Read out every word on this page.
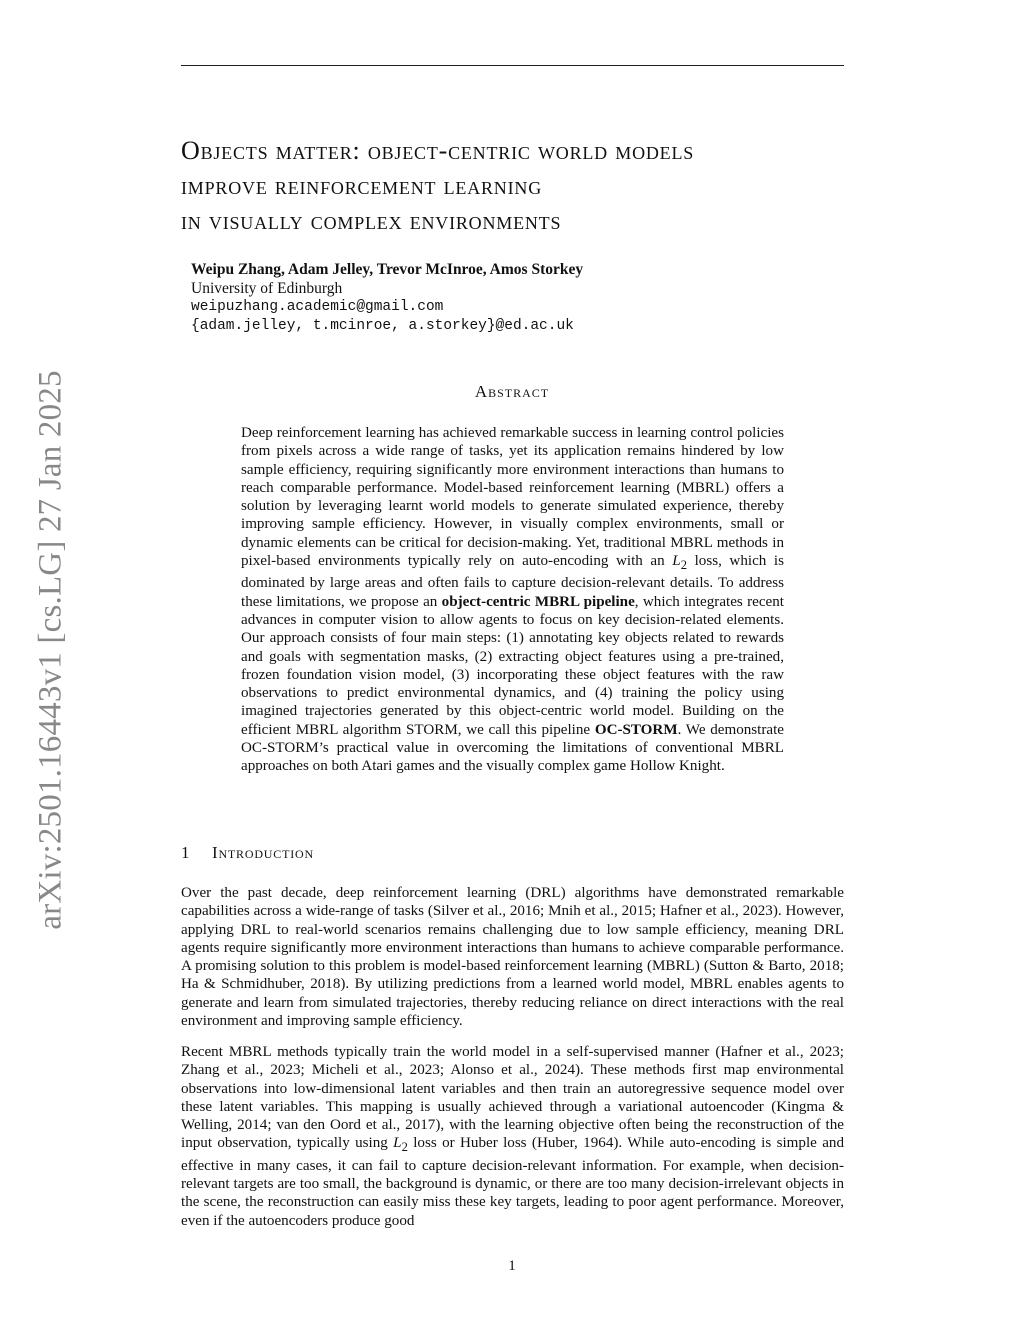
arXiv:2501.16443v1 [cs.LG] 27 Jan 2025
Objects matter: object-centric world models
improve reinforcement learning
in visually complex environments
Weipu Zhang, Adam Jelley, Trevor McInroe, Amos Storkey
University of Edinburgh
weipuzhang.academic@gmail.com
{adam.jelley, t.mcinroe, a.storkey}@ed.ac.uk
Abstract
Deep reinforcement learning has achieved remarkable success in learning control policies from pixels across a wide range of tasks, yet its application remains hindered by low sample efficiency, requiring significantly more environment interactions than humans to reach comparable performance. Model-based reinforcement learning (MBRL) offers a solution by leveraging learnt world models to generate simulated experience, thereby improving sample efficiency. However, in visually complex environments, small or dynamic elements can be critical for decision-making. Yet, traditional MBRL methods in pixel-based environments typically rely on auto-encoding with an $L_2$ loss, which is dominated by large areas and often fails to capture decision-relevant details. To address these limitations, we propose an object-centric MBRL pipeline, which integrates recent advances in computer vision to allow agents to focus on key decision-related elements. Our approach consists of four main steps: (1) annotating key objects related to rewards and goals with segmentation masks, (2) extracting object features using a pre-trained, frozen foundation vision model, (3) incorporating these object features with the raw observations to predict environmental dynamics, and (4) training the policy using imagined trajectories generated by this object-centric world model. Building on the efficient MBRL algorithm STORM, we call this pipeline OC-STORM. We demonstrate OC-STORM’s practical value in overcoming the limitations of conventional MBRL approaches on both Atari games and the visually complex game Hollow Knight.
1 Introduction

Over the past decade, deep reinforcement learning (DRL) algorithms have demonstrated remarkable capabilities across a wide-range of tasks (Silver et al., 2016; Mnih et al., 2015; Hafner et al., 2023). However, applying DRL to real-world scenarios remains challenging due to low sample efficiency, meaning DRL agents require significantly more environment interactions than humans to achieve comparable performance. A promising solution to this problem is model-based reinforcement learning (MBRL) (Sutton & Barto, 2018; Ha & Schmidhuber, 2018). By utilizing predictions from a learned world model, MBRL enables agents to generate and learn from simulated trajectories, thereby reducing reliance on direct interactions with the real environment and improving sample efficiency.

Recent MBRL methods typically train the world model in a self-supervised manner (Hafner et al., 2023; Zhang et al., 2023; Micheli et al., 2023; Alonso et al., 2024). These methods first map environmental observations into low-dimensional latent variables and then train an autoregressive sequence model over these latent variables. This mapping is usually achieved through a variational autoencoder (Kingma & Welling, 2014; van den Oord et al., 2017), with the learning objective often being the reconstruction of the input observation, typically using $L_2$ loss or Huber loss (Huber, 1964). While auto-encoding is simple and effective in many cases, it can fail to capture decision-relevant information. For example, when decision-relevant targets are too small, the background is dynamic, or there are too many decision-irrelevant objects in the scene, the reconstruction can easily miss these key targets, leading to poor agent performance. Moreover, even if the autoencoders produce good

1
